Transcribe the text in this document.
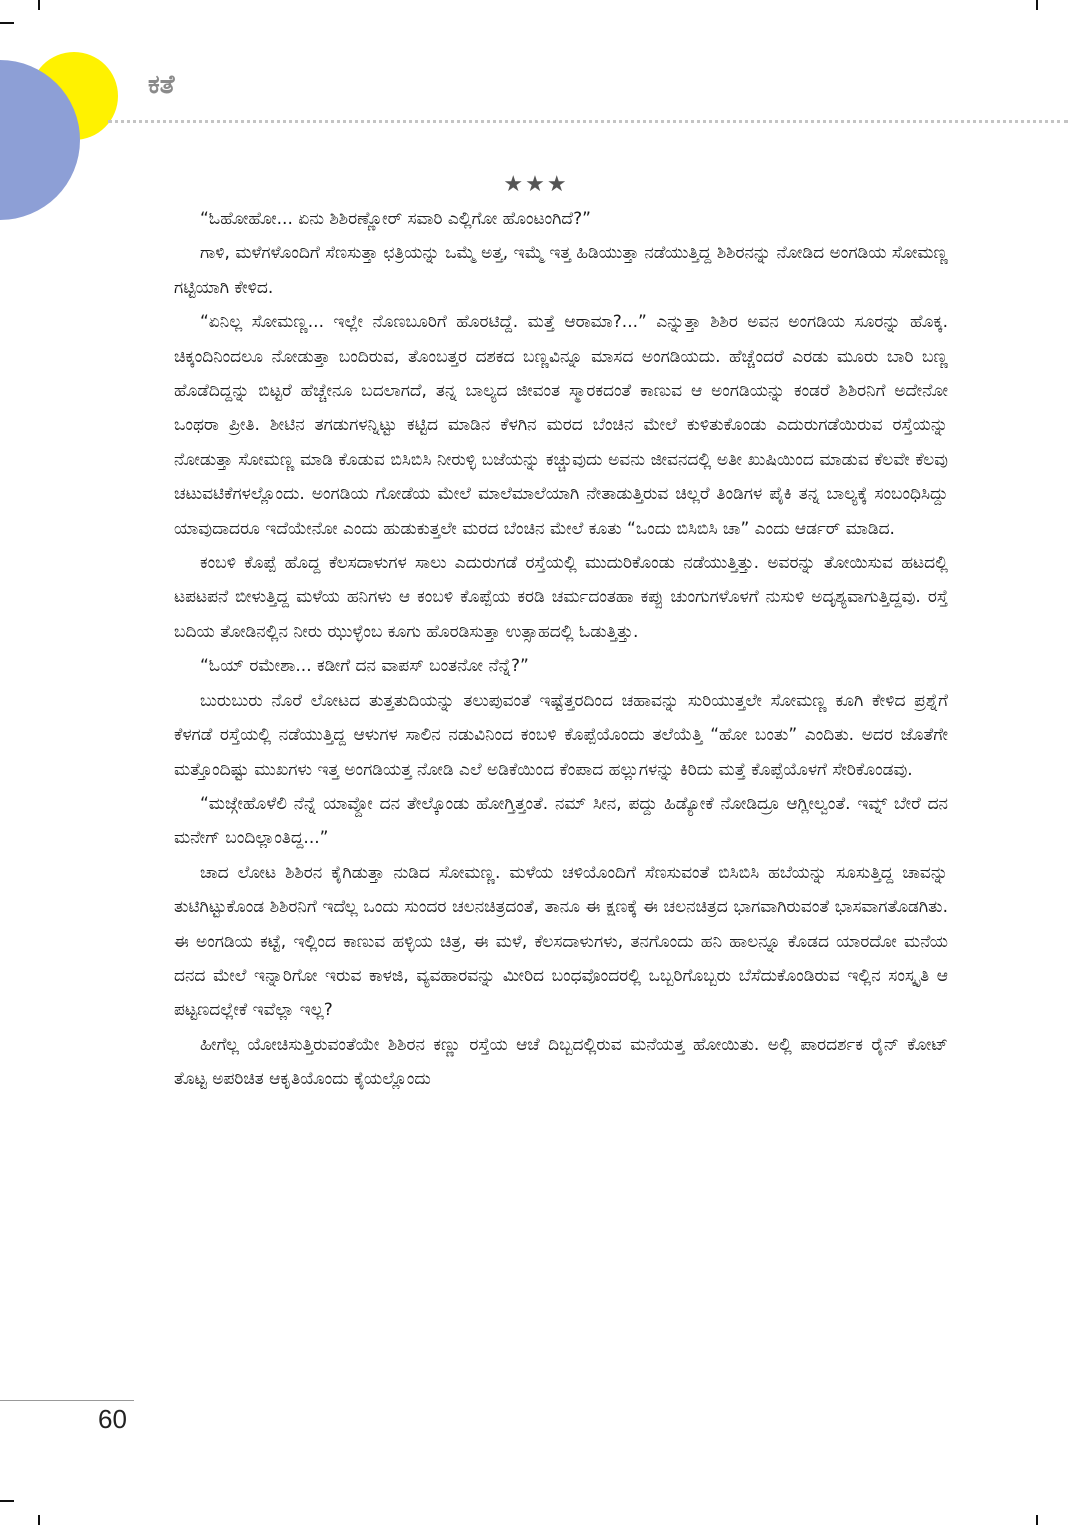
ಕತೆ
★★★

“ಓಹೋಹೋ... ಏನು ಶಿಶಿರಣ್ಣೋರ್ ಸವಾರಿ ಎಲ್ಲಿಗೋ ಹೊಂಟಂಗಿದೆ?”

ಗಾಳಿ, ಮಳೆಗಳೊಂದಿಗೆ ಸೆಣಸುತ್ತಾ ಛತ್ರಿಯನ್ನು ಒಮ್ಮೆ ಅತ್ತ, ಇಮ್ಮೆ ಇತ್ತ ಹಿಡಿಯುತ್ತಾ ನಡೆಯುತ್ತಿದ್ದ ಶಿಶಿರನನ್ನು ನೋಡಿದ ಅಂಗಡಿಯ ಸೋಮಣ್ಣ ಗಟ್ಟಿಯಾಗಿ ಕೇಳಿದ.

“ಏನಿಲ್ಲ ಸೋಮಣ್ಣ... ಇಲ್ಲೇ ನೊಣಬೂರಿಗೆ ಹೊರಟಿದ್ದೆ. ಮತ್ತೆ ಆರಾಮಾ?...” ಎನ್ನುತ್ತಾ ಶಿಶಿರ ಅವನ ಅಂಗಡಿಯ ಸೂರನ್ನು ಹೊಕ್ಕ. ಚಿಕ್ಕಂದಿನಿಂದಲೂ ನೋಡುತ್ತಾ ಬಂದಿರುವ, ತೊಂಬತ್ತರ ದಶಕದ ಬಣ್ಣವಿನ್ನೂ ಮಾಸದ ಅಂಗಡಿಯದು. ಹೆಚ್ಚೆಂದರೆ ಎರಡು ಮೂರು ಬಾರಿ ಬಣ್ಣ ಹೊಡೆದಿದ್ದನ್ನು ಬಿಟ್ಟರೆ ಹೆಚ್ಚೇನೂ ಬದಲಾಗದೆ, ತನ್ನ ಬಾಲ್ಯದ ಜೀವಂತ ಸ್ಮಾರಕದಂತೆ ಕಾಣುವ ಆ ಅಂಗಡಿಯನ್ನು ಕಂಡರೆ ಶಿಶಿರನಿಗೆ ಅದೇನೋ ಒಂಥರಾ ಪ್ರೀತಿ. ಶೀಟಿನ ತಗಡುಗಳನ್ನಿಟ್ಟು ಕಟ್ಟಿದ ಮಾಡಿನ ಕೆಳಗಿನ ಮರದ ಬೆಂಚಿನ ಮೇಲೆ ಕುಳಿತುಕೊಂಡು ಎದುರುಗಡೆಯಿರುವ ರಸ್ತೆಯನ್ನು ನೋಡುತ್ತಾ ಸೋಮಣ್ಣ ಮಾಡಿ ಕೊಡುವ ಬಿಸಿಬಿಸಿ ನೀರುಳ್ಳಿ ಬಜೆಯನ್ನು ಕಚ್ಚುವುದು ಅವನು ಜೀವನದಲ್ಲಿ ಅತೀ ಖುಷಿಯಿಂದ ಮಾಡುವ ಕೆಲವೇ ಕೆಲವು ಚಟುವಟಿಕೆಗಳಲ್ಲೊಂದು. ಅಂಗಡಿಯ ಗೋಡೆಯ ಮೇಲೆ ಮಾಲೆಮಾಲೆಯಾಗಿ ನೇತಾಡುತ್ತಿರುವ ಚಿಲ್ಲರೆ ತಿಂಡಿಗಳ ಪೈಕಿ ತನ್ನ ಬಾಲ್ಯಕ್ಕೆ ಸಂಬಂಧಿಸಿದ್ದು ಯಾವುದಾದರೂ ಇದೆಯೇನೋ ಎಂದು ಹುಡುಕುತ್ತಲೇ ಮರದ ಬೆಂಚಿನ ಮೇಲೆ ಕೂತು “ಒಂದು ಬಿಸಿಬಿಸಿ ಚಾ” ಎಂದು ಆರ್ಡರ್ ಮಾಡಿದ.

ಕಂಬಳಿ ಕೊಪ್ಪೆ ಹೊದ್ದ ಕೆಲಸದಾಳುಗಳ ಸಾಲು ಎದುರುಗಡೆ ರಸ್ತೆಯಲ್ಲಿ ಮುದುರಿಕೊಂಡು ನಡೆಯುತ್ತಿತ್ತು. ಅವರನ್ನು ತೋಯಿಸುವ ಹಟದಲ್ಲಿ ಟಪಟಪನೆ ಬೀಳುತ್ತಿದ್ದ ಮಳೆಯ ಹನಿಗಳು ಆ ಕಂಬಳಿ ಕೊಪ್ಪೆಯ ಕರಡಿ ಚರ್ಮದಂತಹಾ ಕಪ್ಪು ಚುಂಗುಗಳೊಳಗೆ ನುಸುಳಿ ಅದೃಶ್ಯವಾಗುತ್ತಿದ್ದವು. ರಸ್ತೆ ಬದಿಯ ತೋಡಿನಲ್ಲಿನ ನೀರು ಝುಳ್ಳೆಂಬ ಕೂಗು ಹೊರಡಿಸುತ್ತಾ ಉತ್ಸಾಹದಲ್ಲಿ ಓಡುತ್ತಿತ್ತು.

“ಓಯ್ ರಮೇಶಾ... ಕಡೀಗೆ ದನ ವಾಪಸ್ ಬಂತನೋ ನೆನ್ನೆ?”

ಬುರುಬುರು ನೊರೆ ಲೋಟದ ತುತ್ತತುದಿಯನ್ನು ತಲುಪುವಂತೆ ಇಷ್ಟೆತ್ತರದಿಂದ ಚಹಾವನ್ನು ಸುರಿಯುತ್ತಲೇ ಸೋಮಣ್ಣ ಕೂಗಿ ಕೇಳಿದ ಪ್ರಶ್ನೆಗೆ ಕೆಳಗಡೆ ರಸ್ತೆಯಲ್ಲಿ ನಡೆಯುತ್ತಿದ್ದ ಆಳುಗಳ ಸಾಲಿನ ನಡುವಿನಿಂದ ಕಂಬಳಿ ಕೊಪ್ಪೆಯೊಂದು ತಲೆಯೆತ್ತಿ “ಹೋ ಬಂತು” ಎಂದಿತು. ಅದರ ಜೊತೆಗೇ ಮತ್ತೊಂದಿಷ್ಟು ಮುಖಗಳು ಇತ್ತ ಅಂಗಡಿಯತ್ತ ನೋಡಿ ಎಲೆ ಅಡಿಕೆಯಿಂದ ಕೆಂಪಾದ ಹಲ್ಲುಗಳನ್ನು ಕಿರಿದು ಮತ್ತೆ ಕೊಪ್ಪೆಯೊಳಗೆ ಸೇರಿಕೊಂಡವು.

“ಮಜ್ಗೇಹೊಳೆಲಿ ನೆನ್ನೆ ಯಾವ್ದೋ ದನ ತೇಲ್ಕೊಂಡು ಹೋಗ್ತಿತ್ತಂತೆ. ನಮ್ ಸೀನ, ಪದ್ದು ಹಿಡ್ಯೋಕೆ ನೋಡಿದ್ರೂ ಆಗ್ಲೀಲ್ವಂತೆ. ಇವ್ನ್ ಬೇರೆ ದನ ಮನೇಗ್ ಬಂದಿಲ್ಲಾಂತಿದ್ದ...”

ಚಾದ ಲೋಟ ಶಿಶಿರನ ಕೈಗಿಡುತ್ತಾ ನುಡಿದ ಸೋಮಣ್ಣ. ಮಳೆಯ ಚಳಿಯೊಂದಿಗೆ ಸೆಣಸುವಂತೆ ಬಿಸಿಬಿಸಿ ಹಬೆಯನ್ನು ಸೂಸುತ್ತಿದ್ದ ಚಾವನ್ನು ತುಟಿಗಿಟ್ಟುಕೊಂಡ ಶಿಶಿರನಿಗೆ ಇದೆಲ್ಲ ಒಂದು ಸುಂದರ ಚಲನಚಿತ್ರದಂತೆ, ತಾನೂ ಈ ಕ್ಷಣಕ್ಕೆ ಈ ಚಲನಚಿತ್ರದ ಭಾಗವಾಗಿರುವಂತೆ ಭಾಸವಾಗತೊಡಗಿತು. ಈ ಅಂಗಡಿಯ ಕಟ್ಟೆ, ಇಲ್ಲಿಂದ ಕಾಣುವ ಹಳ್ಳಿಯ ಚಿತ್ರ, ಈ ಮಳೆ, ಕೆಲಸದಾಳುಗಳು, ತನಗೊಂದು ಹನಿ ಹಾಲನ್ನೂ ಕೊಡದ ಯಾರದೋ ಮನೆಯ ದನದ ಮೇಲೆ ಇನ್ನಾರಿಗೋ ಇರುವ ಕಾಳಜಿ, ವ್ಯವಹಾರವನ್ನು ಮೀರಿದ ಬಂಧವೊಂದರಲ್ಲಿ ಒಬ್ಬರಿಗೊಬ್ಬರು ಬೆಸೆದುಕೊಂಡಿರುವ ಇಲ್ಲಿನ ಸಂಸ್ಕೃತಿ ಆ ಪಟ್ಟಣದಲ್ಲೇಕೆ ಇವೆಲ್ಲಾ ಇಲ್ಲ?

ಹೀಗೆಲ್ಲ ಯೋಚಿಸುತ್ತಿರುವಂತೆಯೇ ಶಿಶಿರನ ಕಣ್ಣು ರಸ್ತೆಯ ಆಚೆ ದಿಬ್ಬದಲ್ಲಿರುವ ಮನೆಯತ್ತ ಹೋಯಿತು. ಅಲ್ಲಿ ಪಾರದರ್ಶಕ ರೈನ್ ಕೋಟ್ ತೊಟ್ಟ ಅಪರಿಚಿತ ಆಕೃತಿಯೊಂದು ಕೈಯಲ್ಲೊಂದು

60
